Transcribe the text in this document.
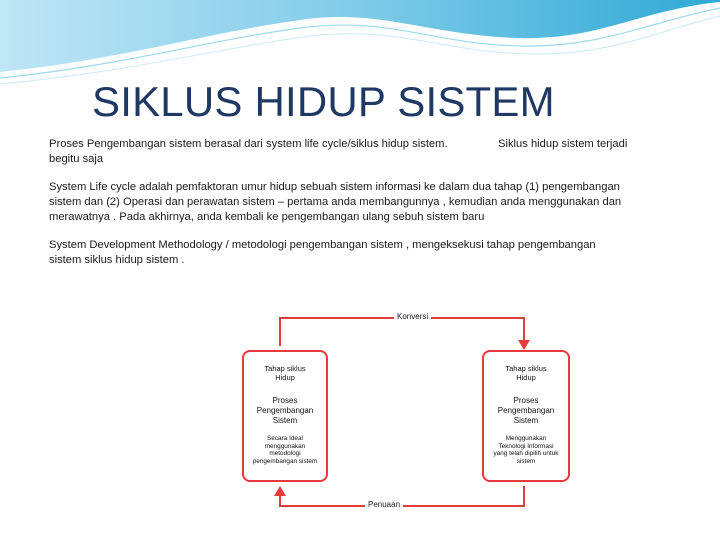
SIKLUS HIDUP SISTEM
Proses Pengembangan sistem berasal dari system life cycle/siklus hidup sistem.
begitu saja
Siklus hidup sistem terjadi
System Life cycle adalah pemfaktoran umur hidup sebuah sistem informasi ke dalam dua tahap (1) pengembangan
sistem dan (2) Operasi dan perawatan sistem – pertama anda membangunnya , kemudian anda menggunakan dan
merawatnya . Pada akhirnya, anda kembali ke pengembangan ulang sebuh sistem baru
System Development Methodology / metodologi pengembangan sistem , mengeksekusi tahap pengembangan
sistem siklus hidup sistem .
Konversi
Penuaan
Tahap siklus
Hidup
Proses
Pengembangan
Sistem
Secara Ideal
menggunakan
metodologi
pengembangan sistem
Tahap siklus
Hidup
Proses
Pengembangan
Sistem
Menggunakan
Teknologi Informasi
yang telah dipilih untuk
sistem
